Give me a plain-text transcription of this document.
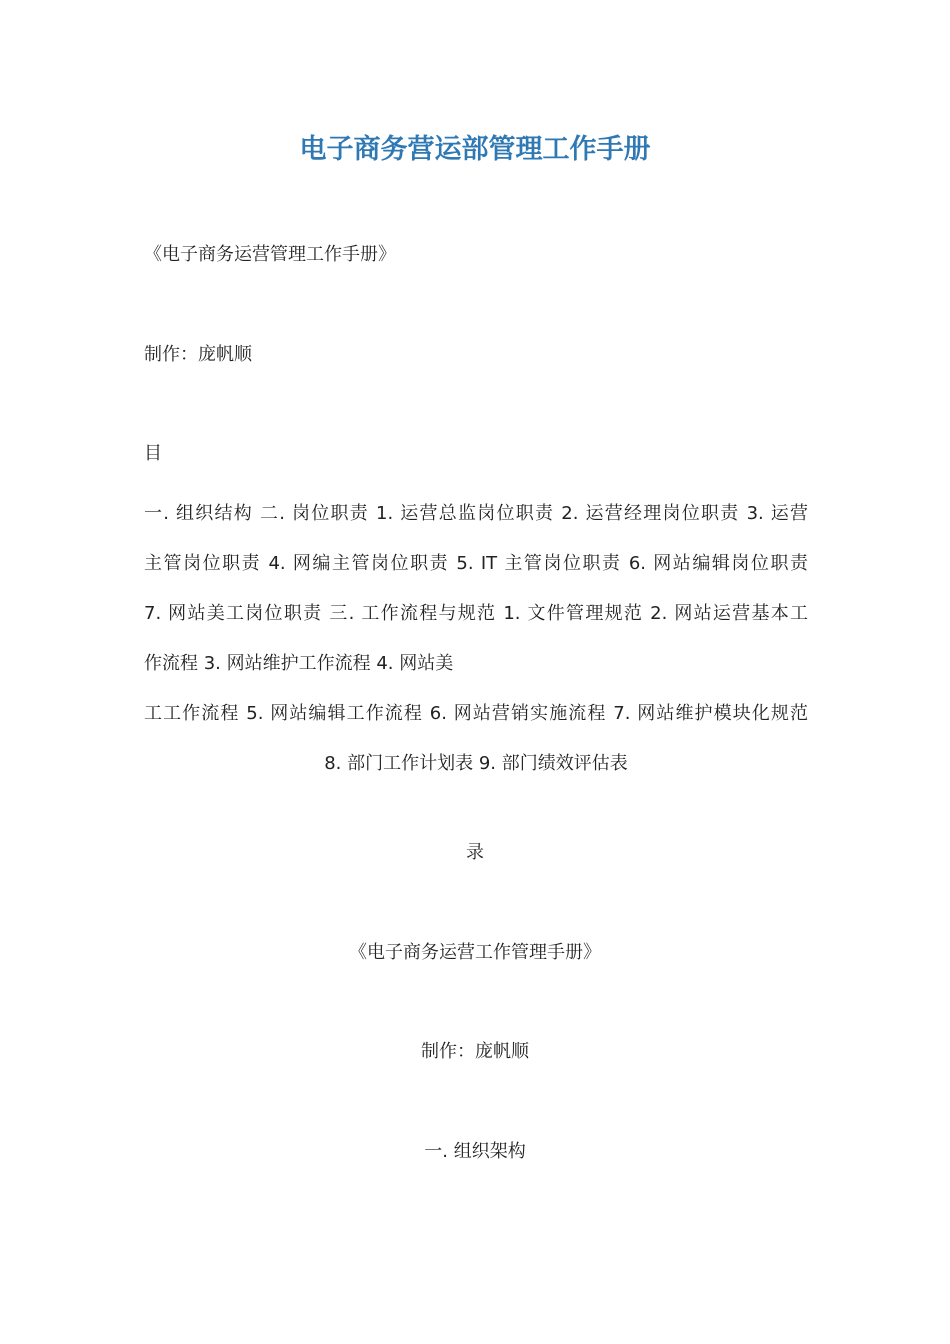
电子商务营运部管理工作手册
《电子商务运营管理工作手册》
制作：庞帆顺
目
一. 组织结构 二. 岗位职责 1. 运营总监岗位职责 2. 运营经理岗位职责 3. 运营
主管岗位职责 4. 网编主管岗位职责 5. IT 主管岗位职责 6. 网站编辑岗位职责
7. 网站美工岗位职责 三. 工作流程与规范 1. 文件管理规范 2. 网站运营基本工
作流程 3. 网站维护工作流程 4. 网站美
工工作流程 5. 网站编辑工作流程 6. 网站营销实施流程 7. 网站维护模块化规范
8. 部门工作计划表 9. 部门绩效评估表
录
《电子商务运营工作管理手册》
制作：庞帆顺
一. 组织架构
